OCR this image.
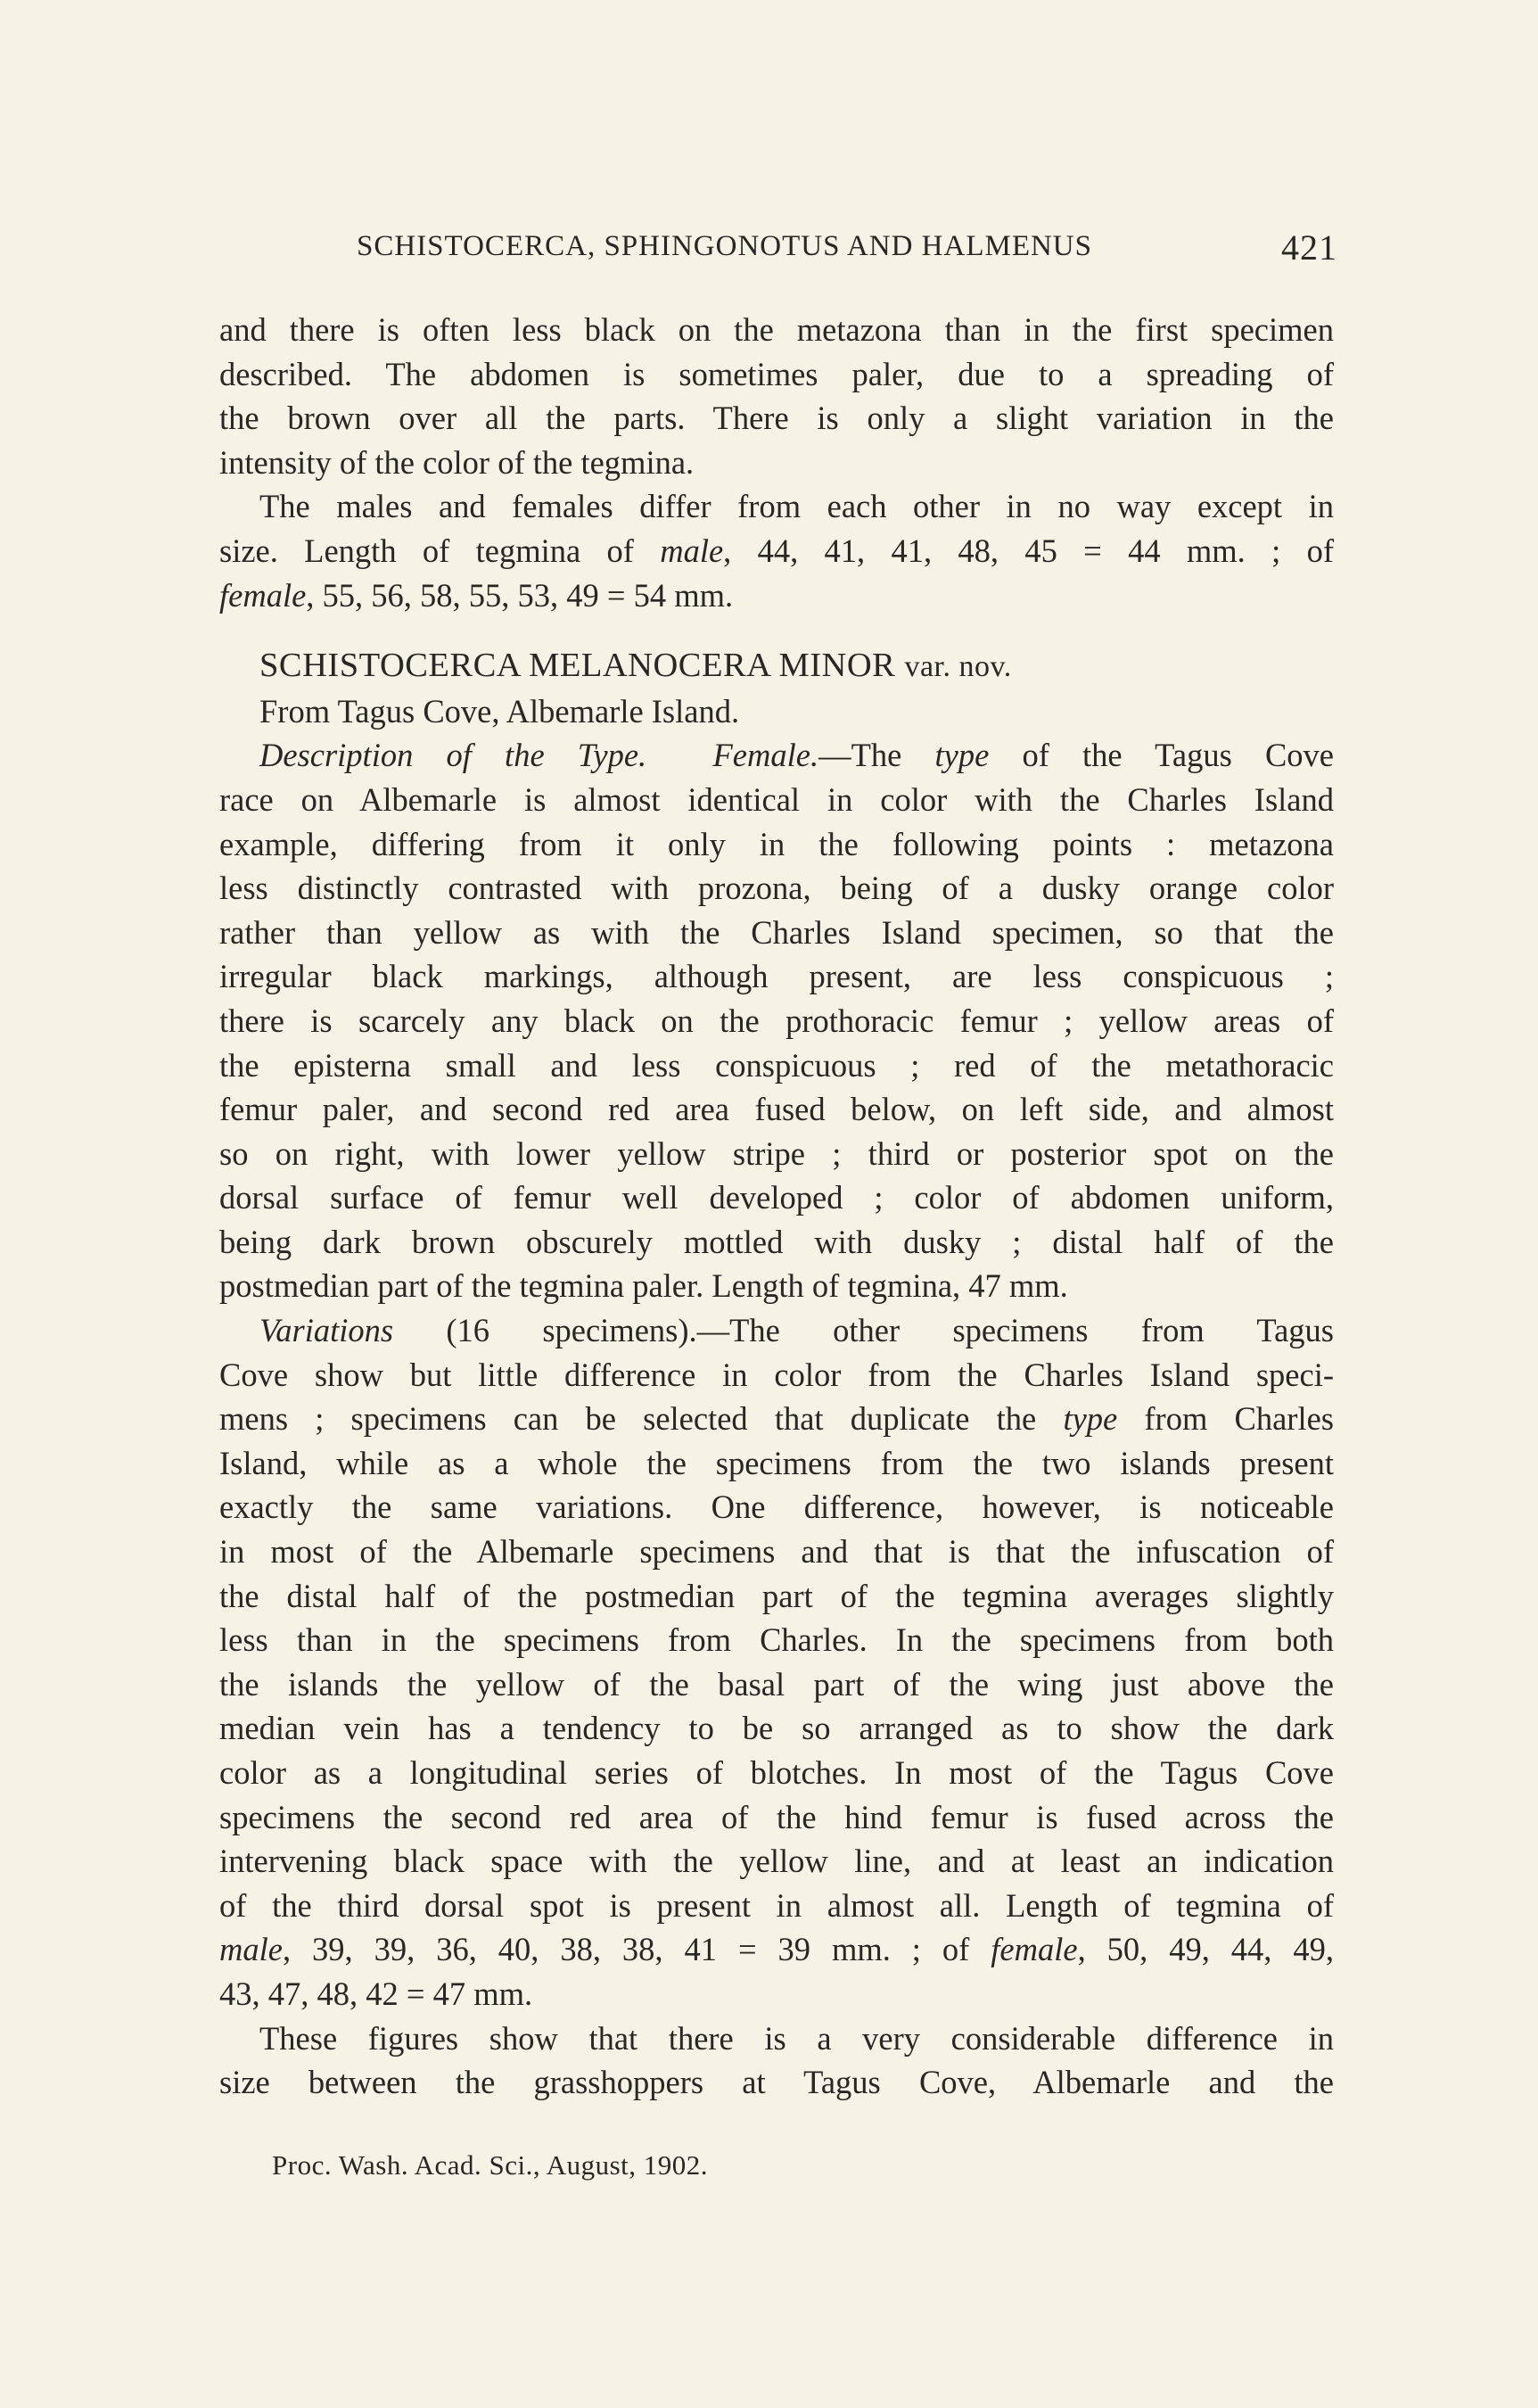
SCHISTOCERCA, SPHINGONOTUS AND HALMENUS	421

and there is often less black on the metazona than in the first specimen

described. The abdomen is sometimes paler, due to a spreading of

the brown over all the parts. There is only a slight variation in the

intensity of the color of the tegmina.

The males and females differ from each other in no way except in

size. Length of tegmina of male, 44, 41, 41, 48, 45 = 44 mm. ; of

female, 55, 56, 58, 55, 53, 49 = 54 mm.

SCHISTOCERCA MELANOCERA MINOR var. nov.

From Tagus Cove, Albemarle Island.

Description of the Type. Female.—The type of the Tagus Cove

race on Albemarle is almost identical in color with the Charles Island

example, differing from it only in the following points : metazona

less distinctly contrasted with prozona, being of a dusky orange color

rather than yellow as with the Charles Island specimen, so that the

irregular black markings, although present, are less conspicuous ;

there is scarcely any black on the prothoracic femur ; yellow areas of

the episterna small and less conspicuous ; red of the metathoracic

femur paler, and second red area fused below, on left side, and almost

so on right, with lower yellow stripe ; third or posterior spot on the

dorsal surface of femur well developed ; color of abdomen uniform,

being dark brown obscurely mottled with dusky ; distal half of the

postmedian part of the tegmina paler. Length of tegmina, 47 mm.

Variations (16 specimens).—The other specimens from Tagus

Cove show but little difference in color from the Charles Island speci-

mens ; specimens can be selected that duplicate the type from Charles

Island, while as a whole the specimens from the two islands present

exactly the same variations. One difference, however, is noticeable

in most of the Albemarle specimens and that is that the infuscation of

the distal half of the postmedian part of the tegmina averages slightly

less than in the specimens from Charles. In the specimens from both

the islands the yellow of the basal part of the wing just above the

median vein has a tendency to be so arranged as to show the dark

color as a longitudinal series of blotches. In most of the Tagus Cove

specimens the second red area of the hind femur is fused across the

intervening black space with the yellow line, and at least an indication

of the third dorsal spot is present in almost all. Length of tegmina of

male, 39, 39, 36, 40, 38, 38, 41 = 39 mm. ; of female, 50, 49, 44, 49,

43, 47, 48, 42 = 47 mm.

These figures show that there is a very considerable difference in

size between the grasshoppers at Tagus Cove, Albemarle and the

Proc. Wash. Acad. Sci., August, 1902.
